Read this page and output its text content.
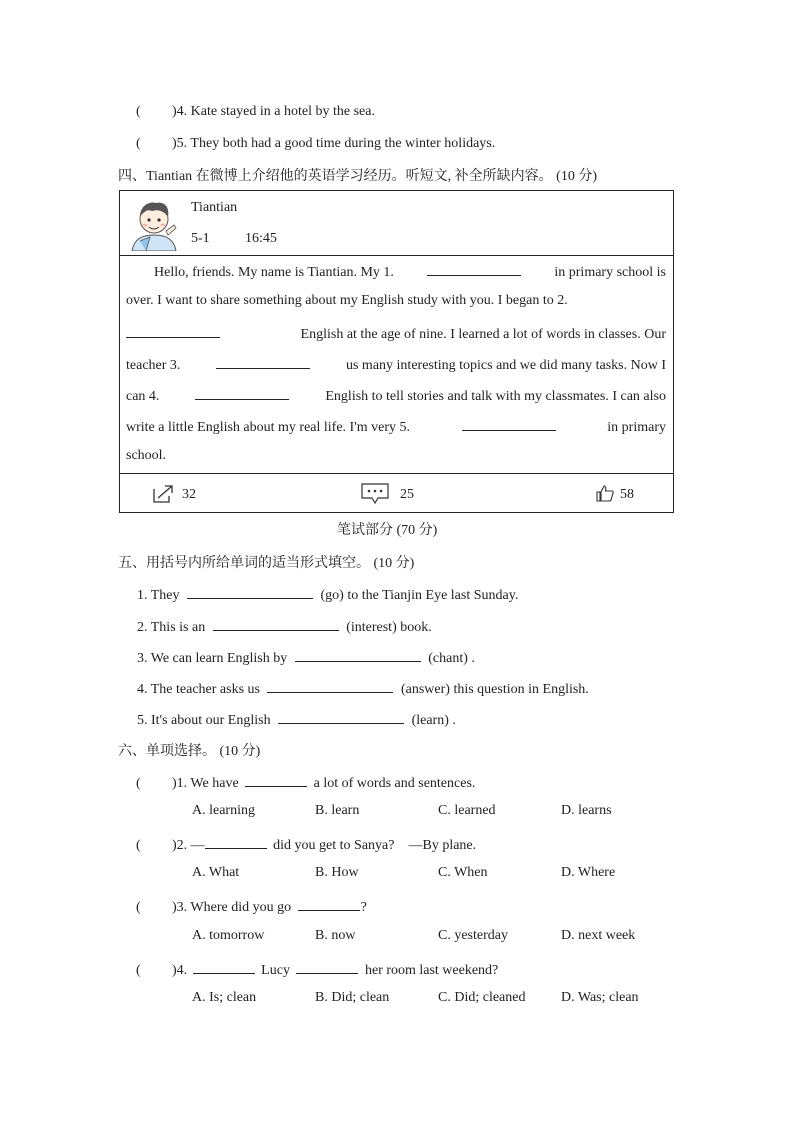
( )4. Kate stayed in a hotel by the sea.
( )5. They both had a good time during the winter holidays.
四、Tiantian 在微博上介绍他的英语学习经历。听短文, 补全所缺内容。 (10 分)
Tiantian
5-1	16:45
Hello, friends. My name is Tiantian. My 1.	in primary school is
over. I want to share something about my English study with you. I began to 2.
English at the age of nine. I learned a lot of words in classes. Our
teacher 3.	us many interesting topics and we did many tasks. Now I
can 4.	English to tell stories and talk with my classmates. I can also
write a little English about my real life. I'm very 5.	in primary
school.
32	25	58
笔试部分 (70 分)
五、用括号内所给单词的适当形式填空。 (10 分)
1. They	(go) to the Tianjin Eye last Sunday.
2. This is an	(interest) book.
3. We can learn English by	(chant) .
4. The teacher asks us	(answer) this question in English.
5. It's about our English	(learn) .
六、单项选择。 (10 分)
( )1. We have	a lot of words and sentences.
A. learning	B. learn	C. learned	D. learns
( )2. —	did you get to Sanya?    —By plane.
A. What	B. How	C. When	D. Where
( )3. Where did you go	?
A. tomorrow	B. now	C. yesterday	D. next week
( )4.	Lucy	her room last weekend?
A. Is; clean	B. Did; clean	C. Did; cleaned	D. Was; clean
